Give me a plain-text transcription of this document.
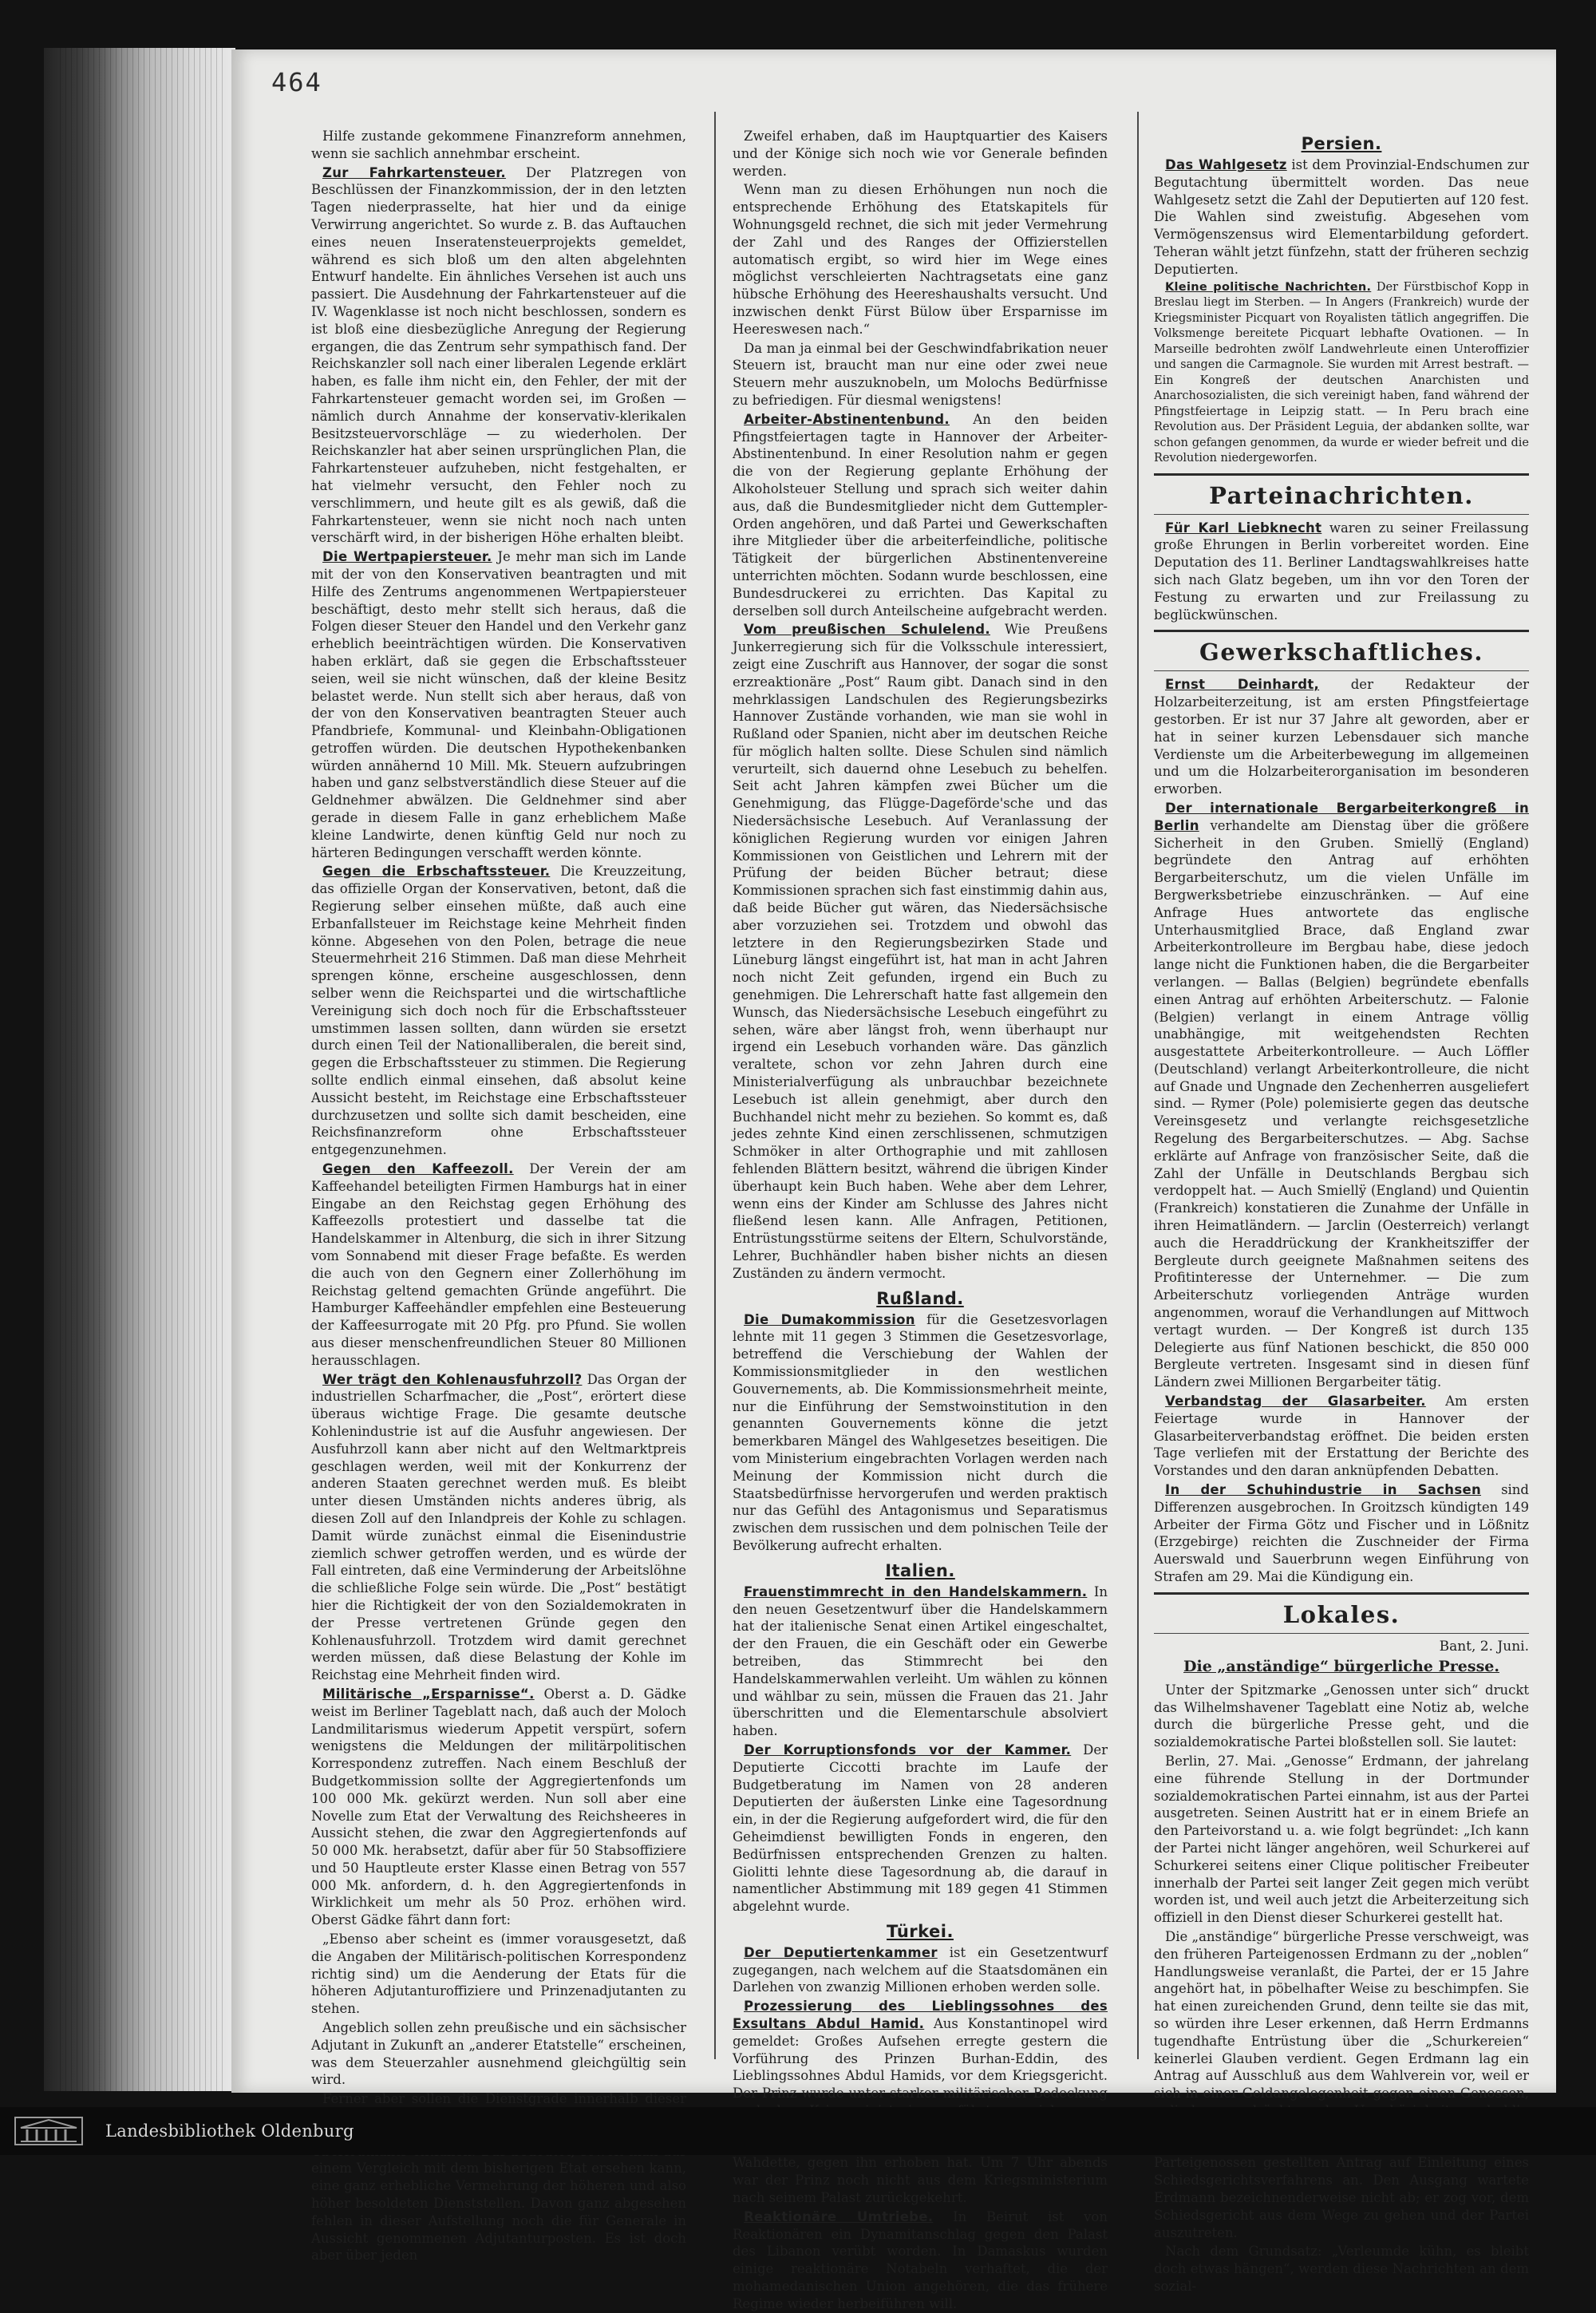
464

Hilfe zustande gekommene Finanzreform annehmen, wenn sie sachlich annehmbar erscheint.

Zur Fahrkartensteuer. Der Platzregen von Beschlüssen der Finanzkommission, der in den letzten Tagen niederprasselte, hat hier und da einige Verwirrung angerichtet. So wurde z. B. das Auftauchen eines neuen Inseratensteuerprojekts gemeldet, während es sich bloß um den alten abgelehnten Entwurf handelte. Ein ähnliches Versehen ist auch uns passiert. Die Ausdehnung der Fahrkartensteuer auf die IV. Wagenklasse ist noch nicht beschlossen, sondern es ist bloß eine diesbezügliche Anregung der Regierung ergangen, die das Zentrum sehr sympathisch fand. Der Reichskanzler soll nach einer liberalen Legende erklärt haben, es falle ihm nicht ein, den Fehler, der mit der Fahrkartensteuer gemacht worden sei, im Großen — nämlich durch Annahme der konservativ-klerikalen Besitzsteuervorschläge — zu wiederholen. Der Reichskanzler hat aber seinen ursprünglichen Plan, die Fahrkartensteuer aufzuheben, nicht festgehalten, er hat vielmehr versucht, den Fehler noch zu verschlimmern, und heute gilt es als gewiß, daß die Fahrkartensteuer, wenn sie nicht noch nach unten verschärft wird, in der bisherigen Höhe erhalten bleibt.

Die Wertpapiersteuer. Je mehr man sich im Lande mit der von den Konservativen beantragten und mit Hilfe des Zentrums angenommenen Wertpapiersteuer beschäftigt, desto mehr stellt sich heraus, daß die Folgen dieser Steuer den Handel und den Verkehr ganz erheblich beeinträchtigen würden. Die Konservativen haben erklärt, daß sie gegen die Erbschaftssteuer seien, weil sie nicht wünschen, daß der kleine Besitz belastet werde. Nun stellt sich aber heraus, daß von der von den Konservativen beantragten Steuer auch Pfandbriefe, Kommunal- und Kleinbahn-Obligationen getroffen würden. Die deutschen Hypothekenbanken würden annähernd 10 Mill. Mk. Steuern aufzubringen haben und ganz selbstverständlich diese Steuer auf die Geldnehmer abwälzen. Die Geldnehmer sind aber gerade in diesem Falle in ganz erheblichem Maße kleine Landwirte, denen künftig Geld nur noch zu härteren Bedingungen verschafft werden könnte.

Gegen die Erbschaftssteuer. Die Kreuzzeitung, das offizielle Organ der Konservativen, betont, daß die Regierung selber einsehen müßte, daß auch eine Erbanfallsteuer im Reichstage keine Mehrheit finden könne. Abgesehen von den Polen, betrage die neue Steuermehrheit 216 Stimmen. Daß man diese Mehrheit sprengen könne, erscheine ausgeschlossen, denn selber wenn die Reichspartei und die wirtschaftliche Vereinigung sich doch noch für die Erbschaftssteuer umstimmen lassen sollten, dann würden sie ersetzt durch einen Teil der Nationalliberalen, die bereit sind, gegen die Erbschaftssteuer zu stimmen. Die Regierung sollte endlich einmal einsehen, daß absolut keine Aussicht besteht, im Reichstage eine Erbschaftssteuer durchzusetzen und sollte sich damit bescheiden, eine Reichsfinanzreform ohne Erbschaftssteuer entgegenzunehmen.

Gegen den Kaffeezoll. Der Verein der am Kaffeehandel beteiligten Firmen Hamburgs hat in einer Eingabe an den Reichstag gegen Erhöhung des Kaffeezolls protestiert und dasselbe tat die Handelskammer in Altenburg, die sich in ihrer Sitzung vom Sonnabend mit dieser Frage befaßte. Es werden die auch von den Gegnern einer Zollerhöhung im Reichstag geltend gemachten Gründe angeführt. Die Hamburger Kaffeehändler empfehlen eine Besteuerung der Kaffeesurrogate mit 20 Pfg. pro Pfund. Sie wollen aus dieser menschenfreundlichen Steuer 80 Millionen herausschlagen.

Wer trägt den Kohlenausfuhrzoll? Das Organ der industriellen Scharfmacher, die „Post“, erörtert diese überaus wichtige Frage. Die gesamte deutsche Kohlenindustrie ist auf die Ausfuhr angewiesen. Der Ausfuhrzoll kann aber nicht auf den Weltmarktpreis geschlagen werden, weil mit der Konkurrenz der anderen Staaten gerechnet werden muß. Es bleibt unter diesen Umständen nichts anderes übrig, als diesen Zoll auf den Inlandpreis der Kohle zu schlagen. Damit würde zunächst einmal die Eisenindustrie ziemlich schwer getroffen werden, und es würde der Fall eintreten, daß eine Verminderung der Arbeitslöhne die schließliche Folge sein würde. Die „Post“ bestätigt hier die Richtigkeit der von den Sozialdemokraten in der Presse vertretenen Gründe gegen den Kohlenausfuhrzoll. Trotzdem wird damit gerechnet werden müssen, daß diese Belastung der Kohle im Reichstag eine Mehrheit finden wird.

Militärische „Ersparnisse“. Oberst a. D. Gädke weist im Berliner Tageblatt nach, daß auch der Moloch Landmilitarismus wiederum Appetit verspürt, sofern wenigstens die Meldungen der militärpolitischen Korrespondenz zutreffen. Nach einem Beschluß der Budgetkommission sollte der Aggregiertenfonds um 100 000 Mk. gekürzt werden. Nun soll aber eine Novelle zum Etat der Verwaltung des Reichsheeres in Aussicht stehen, die zwar den Aggregiertenfonds auf 50 000 Mk. herabsetzt, dafür aber für 50 Stabsoffiziere und 50 Hauptleute erster Klasse einen Betrag von 557 000 Mk. anfordern, d. h. den Aggregiertenfonds in Wirklichkeit um mehr als 50 Proz. erhöhen wird. Oberst Gädke fährt dann fort:

„Ebenso aber scheint es (immer vorausgesetzt, daß die Angaben der Militärisch-politischen Korrespondenz richtig sind) um die Aenderung der Etats für die höheren Adjutanturoffiziere und Prinzenadjutanten zu stehen.

Angeblich sollen zehn preußische und ein sächsischer Adjutant in Zukunft an „anderer Etatstelle“ erscheinen, was dem Steuerzahler ausnehmend gleichgültig sein wird.

Ferner aber sollen die Dienstgrade innerhalb dieser einem Vergleich mit dem bisherigen Etat ersehen kann, eine ganz erhebliche Vermehrung der höheren und also höher besoldeten Dienststellen. Davon ganz abgesehen fehlen in dieser Aufstellung noch die für Generale in Aussicht genommenen Adjutanturposten. Es ist doch aber über jeden

Zweifel erhaben, daß im Hauptquartier des Kaisers und der Könige sich noch wie vor Generale befinden werden.

Wenn man zu diesen Erhöhungen nun noch die entsprechende Erhöhung des Etatskapitels für Wohnungsgeld rechnet, die sich mit jeder Vermehrung der Zahl und des Ranges der Offizierstellen automatisch ergibt, so wird hier im Wege eines möglichst verschleierten Nachtragsetats eine ganz hübsche Erhöhung des Heereshaushalts versucht. Und inzwischen denkt Fürst Bülow über Ersparnisse im Heereswesen nach.“

Da man ja einmal bei der Geschwindfabrikation neuer Steuern ist, braucht man nur eine oder zwei neue Steuern mehr auszuknobeln, um Molochs Bedürfnisse zu befriedigen. Für diesmal wenigstens!

Arbeiter-Abstinentenbund. An den beiden Pfingstfeiertagen tagte in Hannover der Arbeiter-Abstinentenbund. In einer Resolution nahm er gegen die von der Regierung geplante Erhöhung der Alkoholsteuer Stellung und sprach sich weiter dahin aus, daß die Bundesmitglieder nicht dem Guttempler-Orden angehören, und daß Partei und Gewerkschaften ihre Mitglieder über die arbeiterfeindliche, politische Tätigkeit der bürgerlichen Abstinentenvereine unterrichten möchten. Sodann wurde beschlossen, eine Bundesdruckerei zu errichten. Das Kapital zu derselben soll durch Anteilscheine aufgebracht werden.

Vom preußischen Schulelend. Wie Preußens Junkerregierung sich für die Volksschule interessiert, zeigt eine Zuschrift aus Hannover, der sogar die sonst erzreaktionäre „Post“ Raum gibt. Danach sind in den mehrklassigen Landschulen des Regierungsbezirks Hannover Zustände vorhanden, wie man sie wohl in Rußland oder Spanien, nicht aber im deutschen Reiche für möglich halten sollte. Diese Schulen sind nämlich verurteilt, sich dauernd ohne Lesebuch zu behelfen. Seit acht Jahren kämpfen zwei Bücher um die Genehmigung, das Flügge-Dageförde'sche und das Niedersächsische Lesebuch. Auf Veranlassung der königlichen Regierung wurden vor einigen Jahren Kommissionen von Geistlichen und Lehrern mit der Prüfung der beiden Bücher betraut; diese Kommissionen sprachen sich fast einstimmig dahin aus, daß beide Bücher gut wären, das Niedersächsische aber vorzuziehen sei. Trotzdem und obwohl das letztere in den Regierungsbezirken Stade und Lüneburg längst eingeführt ist, hat man in acht Jahren noch nicht Zeit gefunden, irgend ein Buch zu genehmigen. Die Lehrerschaft hatte fast allgemein den Wunsch, das Niedersächsische Lesebuch eingeführt zu sehen, wäre aber längst froh, wenn überhaupt nur irgend ein Lesebuch vorhanden wäre. Das gänzlich veraltete, schon vor zehn Jahren durch eine Ministerialverfügung als unbrauchbar bezeichnete Lesebuch ist allein genehmigt, aber durch den Buchhandel nicht mehr zu beziehen. So kommt es, daß jedes zehnte Kind einen zerschlissenen, schmutzigen Schmöker in alter Orthographie und mit zahllosen fehlenden Blättern besitzt, während die übrigen Kinder überhaupt kein Buch haben. Wehe aber dem Lehrer, wenn eins der Kinder am Schlusse des Jahres nicht fließend lesen kann. Alle Anfragen, Petitionen, Entrüstungsstürme seitens der Eltern, Schulvorstände, Lehrer, Buchhändler haben bisher nichts an diesen Zuständen zu ändern vermocht.

Rußland.

Die Dumakommission für die Gesetzesvorlagen lehnte mit 11 gegen 3 Stimmen die Gesetzesvorlage, betreffend die Verschiebung der Wahlen der Kommissionsmitglieder in den westlichen Gouvernements, ab. Die Kommissionsmehrheit meinte, nur die Einführung der Semstwoinstitution in den genannten Gouvernements könne die jetzt bemerkbaren Mängel des Wahlgesetzes beseitigen. Die vom Ministerium eingebrachten Vorlagen werden nach Meinung der Kommission nicht durch die Staatsbedürfnisse hervorgerufen und werden praktisch nur das Gefühl des Antagonismus und Separatismus zwischen dem russischen und dem polnischen Teile der Bevölkerung aufrecht erhalten.

Italien.

Frauenstimmrecht in den Handelskammern. In den neuen Gesetzentwurf über die Handelskammern hat der italienische Senat einen Artikel eingeschaltet, der den Frauen, die ein Geschäft oder ein Gewerbe betreiben, das Stimmrecht bei den Handelskammerwahlen verleiht. Um wählen zu können und wählbar zu sein, müssen die Frauen das 21. Jahr überschritten und die Elementarschule absolviert haben.

Der Korruptionsfonds vor der Kammer. Der Deputierte Ciccotti brachte im Laufe der Budgetberatung im Namen von 28 anderen Deputierten der äußersten Linke eine Tagesordnung ein, in der die Regierung aufgefordert wird, die für den Geheimdienst bewilligten Fonds in engeren, den Bedürfnissen entsprechenden Grenzen zu halten. Giolitti lehnte diese Tagesordnung ab, die darauf in namentlicher Abstimmung mit 189 gegen 41 Stimmen abgelehnt wurde.

Türkei.

Der Deputiertenkammer ist ein Gesetzentwurf zugegangen, nach welchem auf die Staatsdomänen ein Darlehen von zwanzig Millionen erhoben werden solle.

Prozessierung des Lieblingssohnes des Exsultans Abdul Hamid. Aus Konstantinopel wird gemeldet: Großes Aufsehen erregte gestern die Vorführung des Prinzen Burhan-Eddin, des Lieblingssohnes Abdul Hamids, vor dem Kriegsgericht. Der Prinz wurde unter starker militärischer Bedeckung Wahdette, gegen ihn erhoben hat. Um 7 Uhr abends war der Prinz noch nicht aus dem Kriegsministerium nach seinem Palast zurückgekehrt.

Reaktionäre Umtriebe. In Beirut ist von Reaktionären ein Dynamitanschlag gegen den Palast des Libanon verübt worden. In Damaskus wurden einige reaktionäre Notabeln verhaftet, die der mohamedanischen Union angehören, die das frühere Regime wieder herbeiführen will.

Persien.

Das Wahlgesetz ist dem Provinzial-Endschumen zur Begutachtung übermittelt worden. Das neue Wahlgesetz setzt die Zahl der Deputierten auf 120 fest. Die Wahlen sind zweistufig. Abgesehen vom Vermögenszensus wird Elementarbildung gefordert. Teheran wählt jetzt fünfzehn, statt der früheren sechzig Deputierten.

Kleine politische Nachrichten. Der Fürstbischof Kopp in Breslau liegt im Sterben. — In Angers (Frankreich) wurde der Kriegsminister Picquart von Royalisten tätlich angegriffen. Die Volksmenge bereitete Picquart lebhafte Ovationen. — In Marseille bedrohten zwölf Landwehrleute einen Unteroffizier und sangen die Carmagnole. Sie wurden mit Arrest bestraft. — Ein Kongreß der deutschen Anarchisten und Anarchosozialisten, die sich vereinigt haben, fand während der Pfingstfeiertage in Leipzig statt. — In Peru brach eine Revolution aus. Der Präsident Leguia, der abdanken sollte, war schon gefangen genommen, da wurde er wieder befreit und die Revolution niedergeworfen.

Parteinachrichten.

Für Karl Liebknecht waren zu seiner Freilassung große Ehrungen in Berlin vorbereitet worden. Eine Deputation des 11. Berliner Landtagswahlkreises hatte sich nach Glatz begeben, um ihn vor den Toren der Festung zu erwarten und zur Freilassung zu beglückwünschen.

Gewerkschaftliches.

Ernst Deinhardt, der Redakteur der Holzarbeiterzeitung, ist am ersten Pfingstfeiertage gestorben. Er ist nur 37 Jahre alt geworden, aber er hat in seiner kurzen Lebensdauer sich manche Verdienste um die Arbeiterbewegung im allgemeinen und um die Holzarbeiterorganisation im besonderen erworben.

Der internationale Bergarbeiterkongreß in Berlin verhandelte am Dienstag über die größere Sicherheit in den Gruben. Smiellÿ (England) begründete den Antrag auf erhöhten Bergarbeiterschutz, um die vielen Unfälle im Bergwerksbetriebe einzuschränken. — Auf eine Anfrage Hues antwortete das englische Unterhausmitglied Brace, daß England zwar Arbeiterkontrolleure im Bergbau habe, diese jedoch lange nicht die Funktionen haben, die die Bergarbeiter verlangen. — Ballas (Belgien) begründete ebenfalls einen Antrag auf erhöhten Arbeiterschutz. — Falonie (Belgien) verlangt in einem Antrage völlig unabhängige, mit weitgehendsten Rechten ausgestattete Arbeiterkontrolleure. — Auch Löffler (Deutschland) verlangt Arbeiterkontrolleure, die nicht auf Gnade und Ungnade den Zechenherren ausgeliefert sind. — Rymer (Pole) polemisierte gegen das deutsche Vereinsgesetz und verlangte reichsgesetzliche Regelung des Bergarbeiterschutzes. — Abg. Sachse erklärte auf Anfrage von französischer Seite, daß die Zahl der Unfälle in Deutschlands Bergbau sich verdoppelt hat. — Auch Smiellÿ (England) und Quientin (Frankreich) konstatieren die Zunahme der Unfälle in ihren Heimatländern. — Jarclin (Oesterreich) verlangt auch die Heraddrückung der Krankheitsziffer der Bergleute durch geeignete Maßnahmen seitens des Profitinteresse der Unternehmer. — Die zum Arbeiterschutz vorliegenden Anträge wurden angenommen, worauf die Verhandlungen auf Mittwoch vertagt wurden. — Der Kongreß ist durch 135 Delegierte aus fünf Nationen beschickt, die 850 000 Bergleute vertreten. Insgesamt sind in diesen fünf Ländern zwei Millionen Bergarbeiter tätig.

Verbandstag der Glasarbeiter. Am ersten Feiertage wurde in Hannover der Glasarbeiterverbandstag eröffnet. Die beiden ersten Tage verliefen mit der Erstattung der Berichte des Vorstandes und den daran anknüpfenden Debatten.

In der Schuhindustrie in Sachsen sind Differenzen ausgebrochen. In Groitzsch kündigten 149 Arbeiter der Firma Götz und Fischer und in Lößnitz (Erzgebirge) reichten die Zuschneider der Firma Auerswald und Sauerbrunn wegen Einführung von Strafen am 29. Mai die Kündigung ein.

Lokales.
Bant, 2. Juni.
Die „anständige“ bürgerliche Presse.

Unter der Spitzmarke „Genossen unter sich“ druckt das Wilhelmshavener Tageblatt eine Notiz ab, welche durch die bürgerliche Presse geht, und die sozialdemokratische Partei bloßstellen soll. Sie lautet:

Berlin, 27. Mai. „Genosse“ Erdmann, der jahrelang eine führende Stellung in der Dortmunder sozialdemokratischen Partei einnahm, ist aus der Partei ausgetreten. Seinen Austritt hat er in einem Briefe an den Parteivorstand u. a. wie folgt begründet: „Ich kann der Partei nicht länger angehören, weil Schurkerei auf Schurkerei seitens einer Clique politischer Freibeuter innerhalb der Partei seit langer Zeit gegen mich verübt worden ist, und weil auch jetzt die Arbeiterzeitung sich offiziell in den Dienst dieser Schurkerei gestellt hat.

Die „anständige“ bürgerliche Presse verschweigt, was den früheren Parteigenossen Erdmann zu der „noblen“ Handlungsweise veranlaßt, die Partei, der er 15 Jahre angehört hat, in pöbelhafter Weise zu beschimpfen. Sie hat einen zureichenden Grund, denn teilte sie das mit, so würden ihre Leser erkennen, daß Herrn Erdmanns tugendhafte Entrüstung über die „Schurkereien“ keinerlei Glauben verdient. Gegen Erdmann lag ein Antrag auf Ausschluß aus dem Wahlverein vor, weil er sich in einer Geldangelegenheit gegen einen Genossen, Parteigenossen gestellten Antrag auf Einleitung eines Schiedsgerichtsverfahrens an. Den Ausgang wartete Erdmann bezeichnenderweise nicht ab; er zog vor, dem Schiedsgericht aus dem Wege zu gehen und der Partei auszutreten.

Nach dem Grundsatz: „Verleumde kühn, es bleibt doch etwas hängen“, werden diese Nachrichten an dem sozial-

Landesbibliothek Oldenburg
